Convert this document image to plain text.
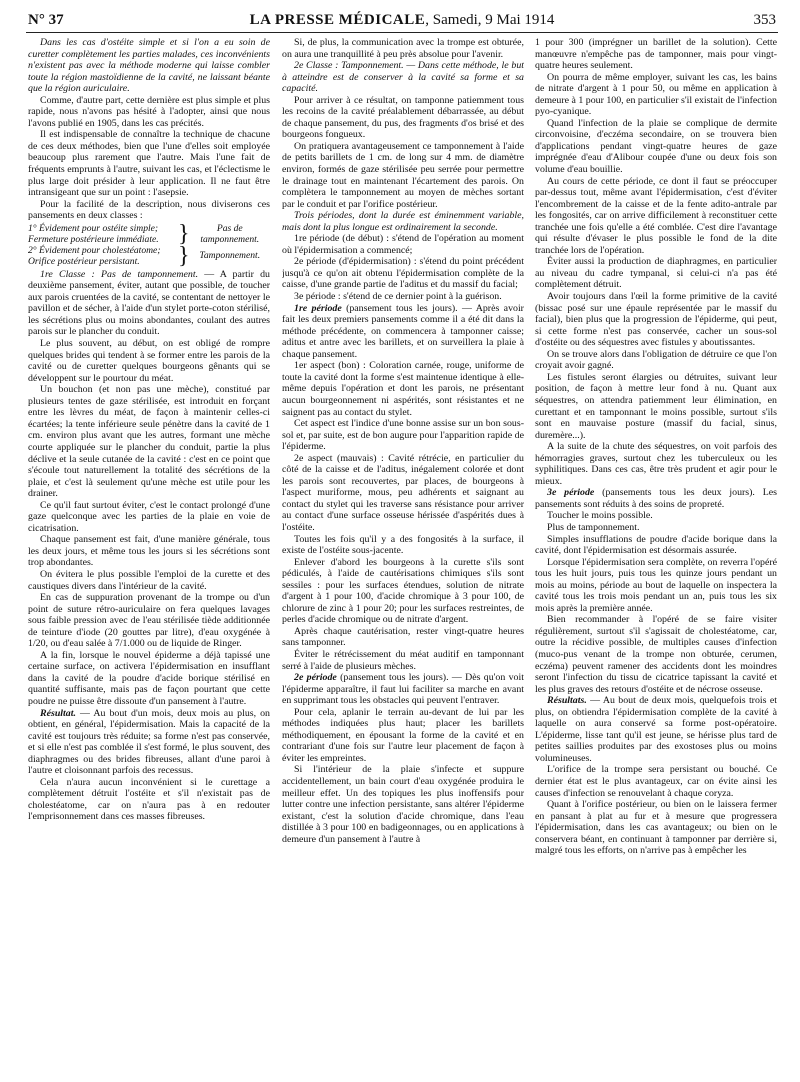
N° 37	LA PRESSE MÉDICALE, Samedi, 9 Mai 1914	353

Dans les cas d'ostéite simple et si l'on a eu soin de curetter complètement les parties malades, ces inconvénients n'existent pas avec la méthode moderne qui laisse combler toute la région mastoïdienne de la cavité, ne laissant béante que la région auriculaire.

Comme, d'autre part, cette dernière est plus simple et plus rapide, nous n'avons pas hésité à l'adopter, ainsi que nous l'avons publié en 1905, dans les cas précités.

Il est indispensable de connaître la technique de chacune de ces deux méthodes, bien que l'une d'elles soit employée beaucoup plus rarement que l'autre. Mais l'une fait de fréquents emprunts à l'autre, suivant les cas, et l'éclectisme le plus large doit présider à leur application. Il ne faut être intransigeant que sur un point : l'asepsie.

Pour la facilité de la description, nous diviserons ces pansements en deux classes :

1° Évidement pour ostéite simple; Fermeture postérieure immédiate.	}	Pas de tamponnement.
2° Évidement pour cholestéatome; Orifice postérieur persistant.	}	Tamponnement.

1re Classe : Pas de tamponnement. — A partir du deuxième pansement, éviter, autant que possible, de toucher aux parois cruentées de la cavité, se contentant de nettoyer le pavillon et de sécher, à l'aide d'un stylet porte-coton stérilisé, les sécrétions plus ou moins abondantes, coulant des autres parois sur le plancher du conduit.

Le plus souvent, au début, on est obligé de rompre quelques brides qui tendent à se former entre les parois de la cavité ou de curetter quelques bourgeons gênants qui se développent sur le pourtour du méat.

Un bouchon (et non pas une mèche), constitué par plusieurs tentes de gaze stérilisée, est introduit en forçant entre les lèvres du méat, de façon à maintenir celles-ci écartées; la tente inférieure seule pénètre dans la cavité de 1 cm. environ plus avant que les autres, formant une mèche courte appliquée sur le plancher du conduit, partie la plus déclive et la seule cutanée de la cavité : c'est en ce point que s'écoule tout naturellement la totalité des sécrétions de la plaie, et c'est là seulement qu'une mèche est utile pour les drainer.

Ce qu'il faut surtout éviter, c'est le contact prolongé d'une gaze quelconque avec les parties de la plaie en voie de cicatrisation.

Chaque pansement est fait, d'une manière générale, tous les deux jours, et même tous les jours si les sécrétions sont trop abondantes.

On évitera le plus possible l'emploi de la curette et des caustiques divers dans l'intérieur de la cavité.

En cas de suppuration provenant de la trompe ou d'un point de suture rétro-auriculaire on fera quelques lavages sous faible pression avec de l'eau stérilisée tiède additionnée de teinture d'iode (20 gouttes par litre), d'eau oxygénée à 1/20, ou d'eau salée à 7/1.000 ou de liquide de Ringer.

A la fin, lorsque le nouvel épiderme a déjà tapissé une certaine surface, on activera l'épidermisation en insufflant dans la cavité de la poudre d'acide borique stérilisé en quantité suffisante, mais pas de façon pourtant que cette poudre ne puisse être dissoute d'un pansement à l'autre.

Résultat. — Au bout d'un mois, deux mois au plus, on obtient, en général, l'épidermisation. Mais la capacité de la cavité est toujours très réduite; sa forme n'est pas conservée, et si elle n'est pas comblée il s'est formé, le plus souvent, des diaphragmes ou des brides fibreuses, allant d'une paroi à l'autre et cloisonnant parfois des recessus.

Cela n'aura aucun inconvénient si le curettage a complètement détruit l'ostéite et s'il n'existait pas de cholestéatome, car on n'aura pas à en redouter l'emprisonnement dans ces masses fibreuses.

Si, de plus, la communication avec la trompe est obturée, on aura une tranquillité à peu près absolue pour l'avenir.

2e Classe : Tamponnement. — Dans cette méthode, le but à atteindre est de conserver à la cavité sa forme et sa capacité.

Pour arriver à ce résultat, on tamponne patiemment tous les recoins de la cavité préalablement débarrassée, au début de chaque pansement, du pus, des fragments d'os brisé et des bourgeons fongueux.

On pratiquera avantageusement ce tamponnement à l'aide de petits barillets de 1 cm. de long sur 4 mm. de diamètre environ, formés de gaze stérilisée peu serrée pour permettre le drainage tout en maintenant l'écartement des parois. On complètera le tamponnement au moyen de mèches sortant par le conduit et par l'orifice postérieur.

Trois périodes, dont la durée est éminemment variable, mais dont la plus longue est ordinairement la seconde.

1re période (de début) : s'étend de l'opération au moment où l'épidermisation a commencé;

2e période (d'épidermisation) : s'étend du point précédent jusqu'à ce qu'on ait obtenu l'épidermisation complète de la caisse, d'une grande partie de l'aditus et du massif du facial;

3e période : s'étend de ce dernier point à la guérison.

1re période (pansement tous les jours). — Après avoir fait les deux premiers pansements comme il a été dit dans la méthode précédente, on commencera à tamponner caisse; aditus et antre avec les barillets, et on surveillera la plaie à chaque pansement.

1er aspect (bon) : Coloration carnée, rouge, uniforme de toute la cavité dont la forme s'est maintenue identique à elle-même depuis l'opération et dont les parois, ne présentant aucun bourgeonnement ni aspérités, sont résistantes et ne saignent pas au contact du stylet.

Cet aspect est l'indice d'une bonne assise sur un bon sous-sol et, par suite, est de bon augure pour l'apparition rapide de l'épiderme.

2e aspect (mauvais) : Cavité rétrécie, en particulier du côté de la caisse et de l'aditus, inégalement colorée et dont les parois sont recouvertes, par places, de bourgeons à l'aspect muriforme, mous, peu adhérents et saignant au contact du stylet qui les traverse sans résistance pour arriver au contact d'une surface osseuse hérissée d'aspérités dues à l'ostéite.

Toutes les fois qu'il y a des fongosités à la surface, il existe de l'ostéite sous-jacente.

Enlever d'abord les bourgeons à la curette s'ils sont pédiculés, à l'aide de cautérisations chimiques s'ils sont sessiles : pour les surfaces étendues, solution de nitrate d'argent à 1 pour 100, d'acide chromique à 3 pour 100, de chlorure de zinc à 1 pour 20; pour les surfaces restreintes, de perles d'acide chromique ou de nitrate d'argent.

Après chaque cautérisation, rester vingt-quatre heures sans tamponner.

Éviter le rétrécissement du méat auditif en tamponnant serré à l'aide de plusieurs mèches.

2e période (pansement tous les jours). — Dès qu'on voit l'épiderme apparaître, il faut lui faciliter sa marche en avant en supprimant tous les obstacles qui peuvent l'entraver.

Pour cela, aplanir le terrain au-devant de lui par les méthodes indiquées plus haut; placer les barillets méthodiquement, en épousant la forme de la cavité et en contrariant d'une fois sur l'autre leur placement de façon à éviter les empreintes.

Si l'intérieur de la plaie s'infecte et suppure accidentellement, un bain court d'eau oxygénée produira le meilleur effet. Un des topiques les plus inoffensifs pour lutter contre une infection persistante, sans altérer l'épiderme existant, c'est la solution d'acide chromique, dans l'eau distillée à 3 pour 100 en badigeonnages, ou en applications à demeure d'un pansement à l'autre à

1 pour 300 (imprégner un barillet de la solution). Cette manœuvre n'empêche pas de tamponner, mais pour vingt-quatre heures seulement.

On pourra de même employer, suivant les cas, les bains de nitrate d'argent à 1 pour 50, ou même en application à demeure à 1 pour 100, en particulier s'il existait de l'infection pyo-cyanique.

Quand l'infection de la plaie se complique de dermite circonvoisine, d'eczéma secondaire, on se trouvera bien d'applications pendant vingt-quatre heures de gaze imprégnée d'eau d'Alibour coupée d'une ou deux fois son volume d'eau bouillie.

Au cours de cette période, ce dont il faut se préoccuper par-dessus tout, même avant l'épidermisation, c'est d'éviter l'encombrement de la caisse et de la fente adito-antrale par les fongosités, car on arrive difficilement à reconstituer cette tranchée une fois qu'elle a été comblée. C'est dire l'avantage qui résulte d'évaser le plus possible le fond de la dite tranchée lors de l'opération.

Éviter aussi la production de diaphragmes, en particulier au niveau du cadre tympanal, si celui-ci n'a pas été complètement détruit.

Avoir toujours dans l'œil la forme primitive de la cavité (bissac posé sur une épaule représentée par le massif du facial), bien plus que la progression de l'épiderme, qui peut, si cette forme n'est pas conservée, cacher un sous-sol d'ostéite ou des séquestres avec fistules y aboutissantes.

On se trouve alors dans l'obligation de détruire ce que l'on croyait avoir gagné.

Les fistules seront élargies ou détruites, suivant leur position, de façon à mettre leur fond à nu. Quant aux séquestres, on attendra patiemment leur élimination, en curettant et en tamponnant le moins possible, surtout s'ils sont en mauvaise posture (massif du facial, sinus, duremère...).

A la suite de la chute des séquestres, on voit parfois des hémorragies graves, surtout chez les tuberculeux ou les syphilitiques. Dans ces cas, être très prudent et agir pour le mieux.

3e période (pansements tous les deux jours). Les pansements sont réduits à des soins de propreté.

Toucher le moins possible.

Plus de tamponnement.

Simples insufflations de poudre d'acide borique dans la cavité, dont l'épidermisation est désormais assurée.

Lorsque l'épidermisation sera complète, on reverra l'opéré tous les huit jours, puis tous les quinze jours pendant un mois au moins, période au bout de laquelle on inspectera la cavité tous les trois mois pendant un an, puis tous les six mois après la première année.

Bien recommander à l'opéré de se faire visiter régulièrement, surtout s'il s'agissait de cholestéatome, car, outre la récidive possible, de multiples causes d'infection (muco-pus venant de la trompe non obturée, cerumen, eczéma) peuvent ramener des accidents dont les moindres seront l'infection du tissu de cicatrice tapissant la cavité et les plus graves des retours d'ostéite et de nécrose osseuse.

Résultats. — Au bout de deux mois, quelquefois trois et plus, on obtiendra l'épidermisation complète de la cavité à laquelle on aura conservé sa forme post-opératoire. L'épiderme, lisse tant qu'il est jeune, se hérisse plus tard de petites saillies produites par des exostoses plus ou moins volumineuses.

L'orifice de la trompe sera persistant ou bouché. Ce dernier état est le plus avantageux, car on évite ainsi les causes d'infection se renouvelant à chaque coryza.

Quant à l'orifice postérieur, ou bien on le laissera fermer en pansant à plat au fur et à mesure que progressera l'épidermisation, dans les cas avantageux; ou bien on le conservera béant, en continuant à tamponner par derrière si, malgré tous les efforts, on n'arrive pas à empêcher les
